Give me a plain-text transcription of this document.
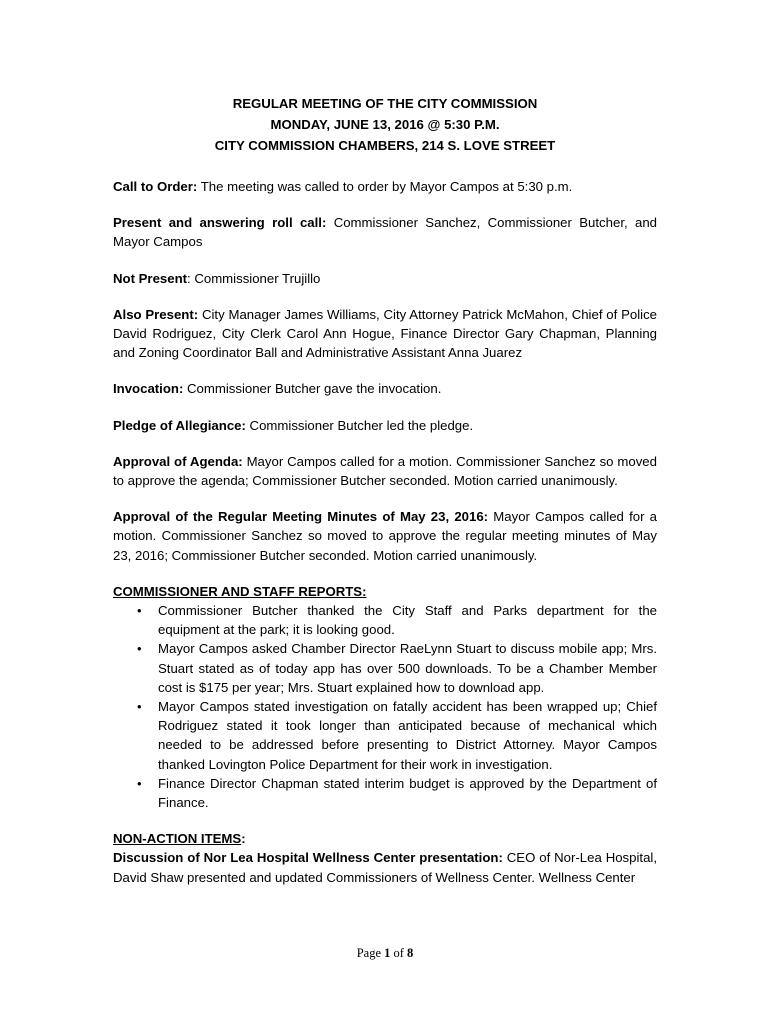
REGULAR MEETING OF THE CITY COMMISSION
MONDAY, JUNE 13, 2016 @ 5:30 P.M.
CITY COMMISSION CHAMBERS, 214 S. LOVE STREET

Call to Order: The meeting was called to order by Mayor Campos at 5:30 p.m.

Present and answering roll call: Commissioner Sanchez, Commissioner Butcher, and Mayor Campos

Not Present: Commissioner Trujillo

Also Present: City Manager James Williams, City Attorney Patrick McMahon, Chief of Police David Rodriguez, City Clerk Carol Ann Hogue, Finance Director Gary Chapman, Planning and Zoning Coordinator Ball and Administrative Assistant Anna Juarez

Invocation: Commissioner Butcher gave the invocation.

Pledge of Allegiance: Commissioner Butcher led the pledge.

Approval of Agenda: Mayor Campos called for a motion. Commissioner Sanchez so moved to approve the agenda; Commissioner Butcher seconded. Motion carried unanimously.

Approval of the Regular Meeting Minutes of May 23, 2016: Mayor Campos called for a motion. Commissioner Sanchez so moved to approve the regular meeting minutes of May 23, 2016; Commissioner Butcher seconded. Motion carried unanimously.

COMMISSIONER AND STAFF REPORTS:
• Commissioner Butcher thanked the City Staff and Parks department for the equipment at the park; it is looking good.
• Mayor Campos asked Chamber Director RaeLynn Stuart to discuss mobile app; Mrs. Stuart stated as of today app has over 500 downloads. To be a Chamber Member cost is $175 per year; Mrs. Stuart explained how to download app.
• Mayor Campos stated investigation on fatally accident has been wrapped up; Chief Rodriguez stated it took longer than anticipated because of mechanical which needed to be addressed before presenting to District Attorney. Mayor Campos thanked Lovington Police Department for their work in investigation.
• Finance Director Chapman stated interim budget is approved by the Department of Finance.
NON-ACTION ITEMS:

Discussion of Nor Lea Hospital Wellness Center presentation: CEO of Nor-Lea Hospital, David Shaw presented and updated Commissioners of Wellness Center. Wellness Center

Page 1 of 8
